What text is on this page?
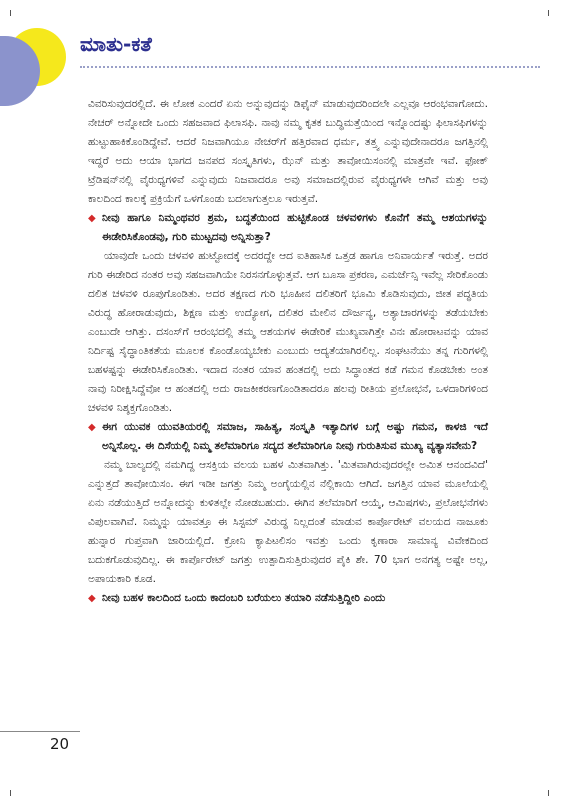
ಮಾತು-ಕತೆ

ವಿವರಿಸುವುದರಲ್ಲಿದೆ. ಈ ಲೋಕ ಎಂದರೆ ಏನು ಅನ್ನುವುದನ್ನು ಡಿಫೈನ್ ಮಾಡುವುದರಿಂದಲೇ ಎಲ್ಲವೂ ಆರಂಭವಾಗೋದು. ನೇಚರ್ ಅನ್ನೋದೇ ಒಂದು ಸಹಜವಾದ ಫಿಲಾಸಫಿ. ನಾವು ನಮ್ಮ ಕೃತಕ ಬುದ್ಧಿಮತ್ತೆಯಿಂದ ಇನ್ನೊಂದಷ್ಟು ಫಿಲಾಸಫಿಗಳನ್ನು ಹುಟ್ಟುಹಾಕಿಕೊಂಡಿದ್ದೇವೆ. ಆದರೆ ನಿಜವಾಗಿಯೂ ನೇಚರ್‌ಗೆ ಹತ್ತಿರವಾದ ಧರ್ಮ, ತತ್ತ್ವ ಎನ್ನುವುದೇನಾದರೂ ಜಗತ್ತಿನಲ್ಲಿ ಇದ್ದರೆ ಅದು ಆಯಾ ಭಾಗದ ಜನಪದ ಸಂಸ್ಕೃತಿಗಳು, ಝೆನ್ ಮತ್ತು ತಾವೋಯಿಸಂನಲ್ಲಿ ಮಾತ್ರವೇ ಇವೆ. ಫೋಕ್ ಟ್ರೆಡಿಷನ್‌ನಲ್ಲಿ ವೈರುಧ್ಯಗಳಿವೆ ಎನ್ನುವುದು ನಿಜವಾದರೂ ಅವು ಸಮಾಜದಲ್ಲಿರುವ ವೈರುಧ್ಯಗಳೇ ಆಗಿವೆ ಮತ್ತು ಅವು ಕಾಲದಿಂದ ಕಾಲಕ್ಕೆ ಪ್ರಕ್ರಿಯೆಗೆ ಒಳಗೊಂಡು ಬದಲಾಗುತ್ತಲೂ ಇರುತ್ತವೆ.

◆ ನೀವು ಹಾಗೂ ನಿಮ್ಮಂಥವರ ಶ್ರಮ, ಬದ್ಧತೆಯಿಂದ ಹುಟ್ಟಿಕೊಂಡ ಚಳವಳಿಗಳು ಕೊನೆಗೆ ತಮ್ಮ ಆಶಯಗಳನ್ನು ಈಡೇರಿಸಿಕೊಂಡವು, ಗುರಿ ಮುಟ್ಟದವು ಅನ್ನಿಸುತ್ತಾ?

ಯಾವುದೇ ಒಂದು ಚಳವಳಿ ಹುಟ್ಟೋದಕ್ಕೆ ಅದರದ್ದೇ ಆದ ಐತಿಹಾಸಿಕ ಒತ್ತಡ ಹಾಗೂ ಅನಿವಾರ್ಯತೆ ಇರುತ್ತೆ. ಅದರ ಗುರಿ ಈಡೇರಿದ ನಂತರ ಅವು ಸಹಜವಾಗಿಯೇ ನಿರಸನಗೊಳ್ಳುತ್ತವೆ. ಆಗ ಬೂಸಾ ಪ್ರಕರಣ, ಎಮರ್ಜೆನ್ಸಿ ಇವೆಲ್ಲ ಸೇರಿಕೊಂಡು ದಲಿತ ಚಳವಳಿ ರೂಪುಗೊಂಡಿತು. ಅದರ ತಕ್ಷಣದ ಗುರಿ ಭೂಹೀನ ದಲಿತರಿಗೆ ಭೂಮಿ ಕೊಡಿಸುವುದು, ಜೀತ ಪದ್ಧತಿಯ ವಿರುದ್ಧ ಹೋರಾಡುವುದು, ಶಿಕ್ಷಣ ಮತ್ತು ಉದ್ಯೋಗ, ದಲಿತರ ಮೇಲಿನ ದೌರ್ಜನ್ಯ, ಅತ್ಯಾಚಾರಗಳನ್ನು ತಡೆಯಬೇಕು ಎಂಬುದೇ ಆಗಿತ್ತು. ದಸಂಸ್‌ಗೆ ಆರಂಭದಲ್ಲಿ ತಮ್ಮ ಆಶಯಗಳ ಈಡೇರಿಕೆ ಮುಖ್ಯವಾಗಿತ್ತೇ ವಿನಃ ಹೋರಾಟವನ್ನು ಯಾವ ನಿರ್ದಿಷ್ಟ ಸೈದ್ಧಾಂತಿಕತೆಯ ಮೂಲಕ ಕೊಂಡೊಯ್ಯಬೇಕು ಎಂಬುದು ಆದ್ಯತೆಯಾಗಿರಲಿಲ್ಲ. ಸಂಘಟನೆಯು ತನ್ನ ಗುರಿಗಳಲ್ಲಿ ಬಹಳಷ್ಟನ್ನು ಈಡೇರಿಸಿಕೊಂಡಿತು. ಇದಾದ ನಂತರ ಯಾವ ಹಂತದಲ್ಲಿ ಅದು ಸಿದ್ಧಾಂತದ ಕಡೆ ಗಮನ ಕೊಡಬೇಕು ಅಂತ ನಾವು ನಿರೀಕ್ಷಿಸಿದ್ದೆವೋ ಆ ಹಂತದಲ್ಲಿ ಅದು ರಾಜಕೀಕರಣಗೊಂಡಿತಾದರೂ ಹಲವು ರೀತಿಯ ಪ್ರಲೋಭನೆ, ಒಳದಾರಿಗಳಿಂದ ಚಳವಳಿ ನಿಶ್ಶಕ್ತಗೊಂಡಿತು.

◆ ಈಗ ಯುವಕ ಯುವತಿಯರಲ್ಲಿ ಸಮಾಜ, ಸಾಹಿತ್ಯ, ಸಂಸ್ಕೃತಿ ಇತ್ಯಾದಿಗಳ ಬಗ್ಗೆ ಅಷ್ಟು ಗಮನ, ಕಾಳಜಿ ಇದೆ ಅನ್ನಿಸೊಲ್ಲ. ಈ ದಿಸೆಯಲ್ಲಿ ನಿಮ್ಮ ತಲೆಮಾರಿಗೂ ಸದ್ಯದ ತಲೆಮಾರಿಗೂ ನೀವು ಗುರುತಿಸುವ ಮುಖ್ಯ ವ್ಯತ್ಯಾಸವೇನು?

ನಮ್ಮ ಬಾಲ್ಯದಲ್ಲಿ ನಮಗಿದ್ದ ಆಸಕ್ತಿಯ ವಲಯ ಬಹಳ ಮಿತವಾಗಿತ್ತು. 'ಮಿತವಾಗಿರುವುದರಲ್ಲೇ ಅಮಿತ ಆನಂದವಿದೆ' ಎನ್ನುತ್ತದೆ ತಾವೋಯಿಸಂ. ಈಗ ಇಡೀ ಜಗತ್ತು ನಿಮ್ಮ ಅಂಗೈಯಲ್ಲಿನ ನೆಲ್ಲಿಕಾಯಿ ಆಗಿದೆ. ಜಗತ್ತಿನ ಯಾವ ಮೂಲೆಯಲ್ಲಿ ಏನು ನಡೆಯುತ್ತಿದೆ ಅನ್ನೋದನ್ನು ಕುಳಿತಲ್ಲೇ ನೋಡಬಹುದು. ಈಗಿನ ತಲೆಮಾರಿಗೆ ಆಯ್ಕೆ, ಆಮಿಷಗಳು, ಪ್ರಲೋಭನೆಗಳು ವಿಪುಲವಾಗಿವೆ. ನಿಮ್ಮನ್ನು ಯಾವತ್ತೂ ಈ ಸಿಸ್ಟಮ್ ವಿರುದ್ಧ ನಿಲ್ಲದಂತೆ ಮಾಡುವ ಕಾರ್ಪೊರೇಟ್ ವಲಯದ ನಾಜೂಕು ಹುನ್ನಾರ ಗುಪ್ತವಾಗಿ ಜಾರಿಯಲ್ಲಿದೆ. ಕ್ರೋನಿ ಕ್ಯಾಪಿಟಲಿಸಂ ಇವತ್ತು ಒಂದು ಕೃಣಾರಾ ಸಾಮಾನ್ಯ ವಿವೇಕದಿಂದ ಬದುಕಗೊಡುವುದಿಲ್ಲ. ಈ ಕಾರ್ಪೊರೇಟ್ ಜಗತ್ತು ಉತ್ಪಾದಿಸುತ್ತಿರುವುದರ ಪೈಕಿ ಶೇ. 70 ಭಾಗ ಅನಗತ್ಯ ಅಷ್ಟೇ ಅಲ್ಲ, ಅಪಾಯಕಾರಿ ಕೂಡ.

◆ ನೀವು ಬಹಳ ಕಾಲದಿಂದ ಒಂದು ಕಾದಂಬರಿ ಬರೆಯಲು ತಯಾರಿ ನಡೆಸುತ್ತಿದ್ದೀರಿ ಎಂದು

20
